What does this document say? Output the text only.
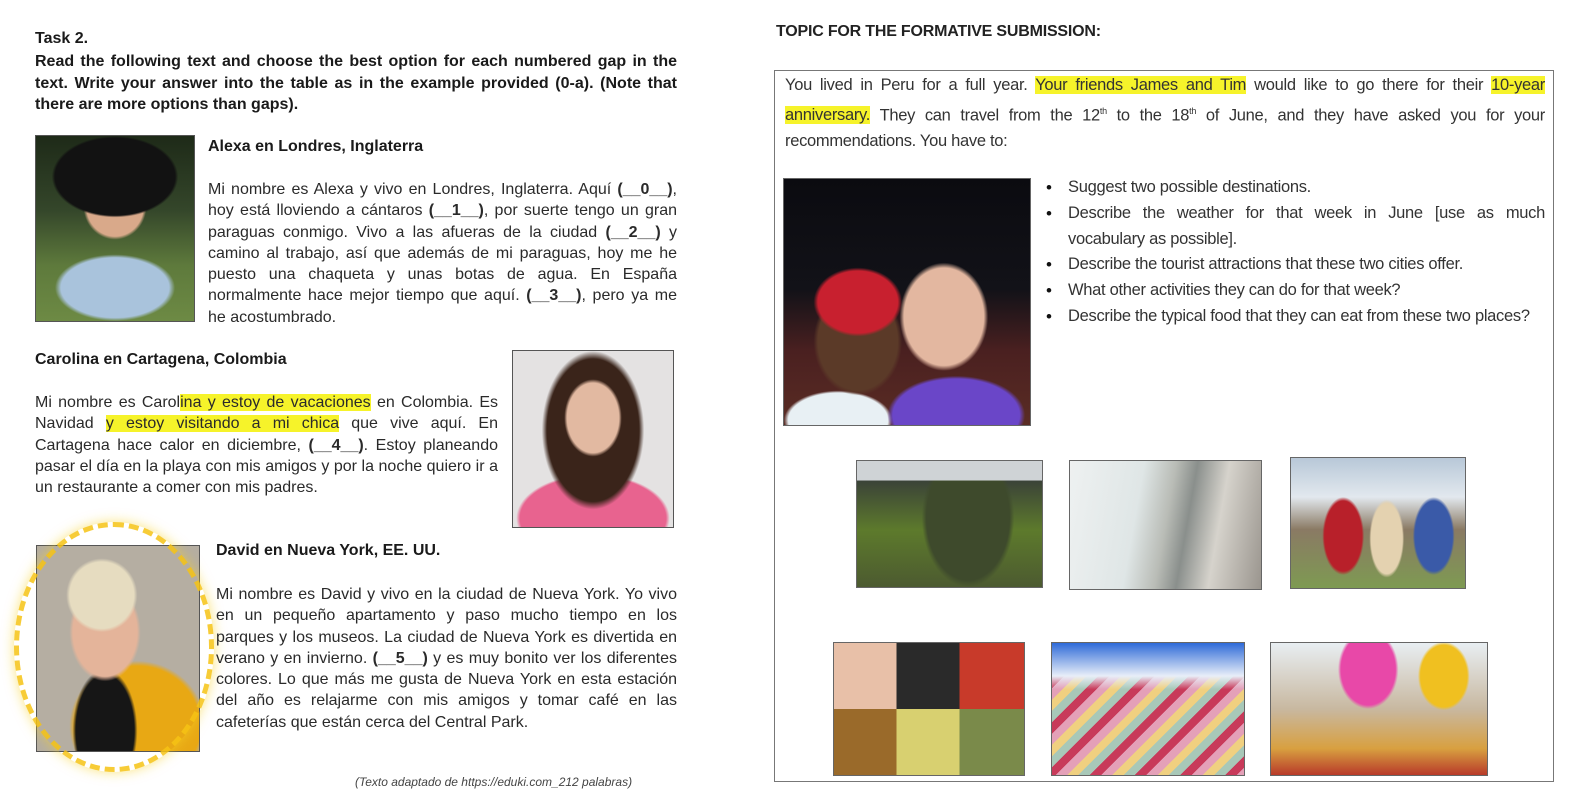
Task 2.
Read the following text and choose the best option for each numbered gap in the text. Write your answer into the table as in the example provided (0-a). (Note that there are more options than gaps).
Alexa en Londres, Inglaterra
Mi nombre es Alexa y vivo en Londres, Inglaterra. Aquí (__0__), hoy está lloviendo a cántaros (__1__), por suerte tengo un gran paraguas conmigo. Vivo a las afueras de la ciudad (__2__) y camino al trabajo, así que además de mi paraguas, hoy me he puesto una chaqueta y unas botas de agua. En España normalmente hace mejor tiempo que aquí. (__3__), pero ya me he acostumbrado.
Carolina en Cartagena, Colombia
Mi nombre es Carolina y estoy de vacaciones en Colombia. Es Navidad y estoy visitando a mi chica que vive aquí. En Cartagena hace calor en diciembre, (__4__). Estoy planeando pasar el día en la playa con mis amigos y por la noche quiero ir a un restaurante a comer con mis padres.
David en Nueva York, EE. UU.
Mi nombre es David y vivo en la ciudad de Nueva York. Yo vivo en un pequeño apartamento y paso mucho tiempo en los parques y los museos. La ciudad de Nueva York es divertida en verano y en invierno. (__5__) y es muy bonito ver los diferentes colores. Lo que más me gusta de Nueva York en esta estación del año es relajarme con mis amigos y tomar café en las cafeterías que están cerca del Central Park.
(Texto adaptado de https://eduki.com_212 palabras)
TOPIC FOR THE FORMATIVE SUBMISSION:
You lived in Peru for a full year. Your friends James and Tim would like to go there for their 10-year anniversary. They can travel from the 12th to the 18th of June, and they have asked you for your recommendations. You have to:
• Suggest two possible destinations.
• Describe the weather for that week in June [use as much vocabulary as possible].
• Describe the tourist attractions that these two cities offer.
• What other activities they can do for that week?
• Describe the typical food that they can eat from these two places?
